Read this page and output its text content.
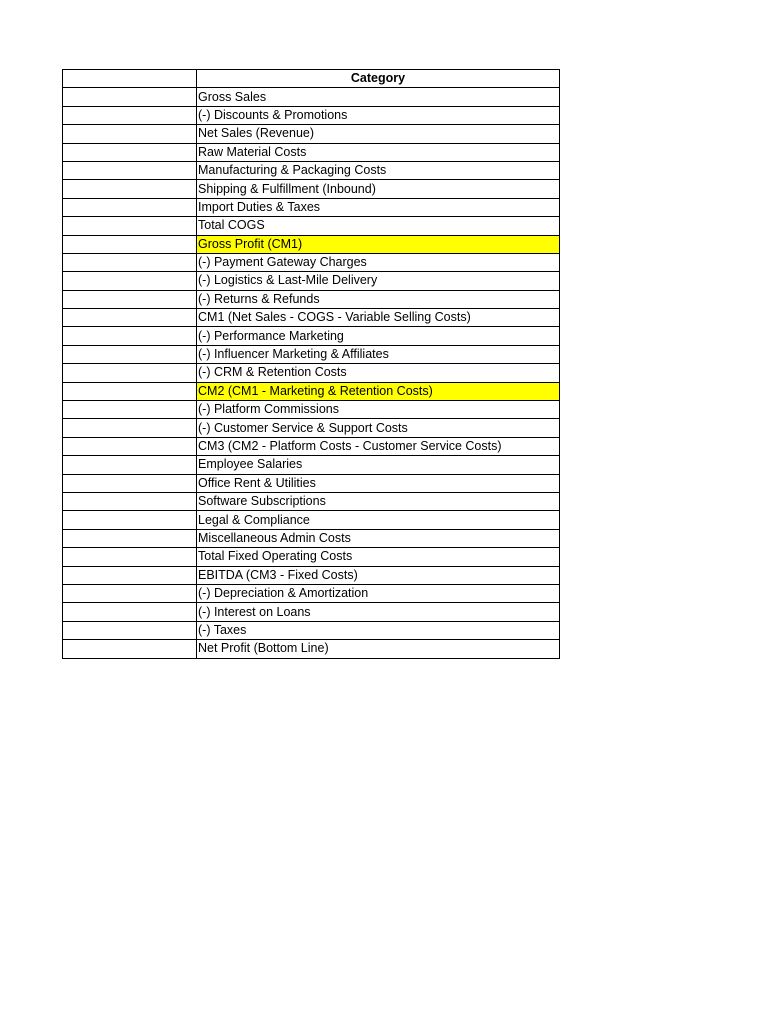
	Category
	Gross Sales
	(-) Discounts & Promotions
	Net Sales (Revenue)
	Raw Material Costs
	Manufacturing & Packaging Costs
	Shipping & Fulfillment (Inbound)
	Import Duties & Taxes
	Total COGS
	Gross Profit (CM1)
	(-) Payment Gateway Charges
	(-) Logistics & Last-Mile Delivery
	(-) Returns & Refunds
	CM1 (Net Sales - COGS - Variable Selling Costs)
	(-) Performance Marketing
	(-) Influencer Marketing & Affiliates
	(-) CRM & Retention Costs
	CM2 (CM1 - Marketing & Retention Costs)
	(-) Platform Commissions
	(-) Customer Service & Support Costs
	CM3 (CM2 - Platform Costs - Customer Service Costs)
	Employee Salaries
	Office Rent & Utilities
	Software Subscriptions
	Legal & Compliance
	Miscellaneous Admin Costs
	Total Fixed Operating Costs
	EBITDA (CM3 - Fixed Costs)
	(-) Depreciation & Amortization
	(-) Interest on Loans
	(-) Taxes
	Net Profit (Bottom Line)
